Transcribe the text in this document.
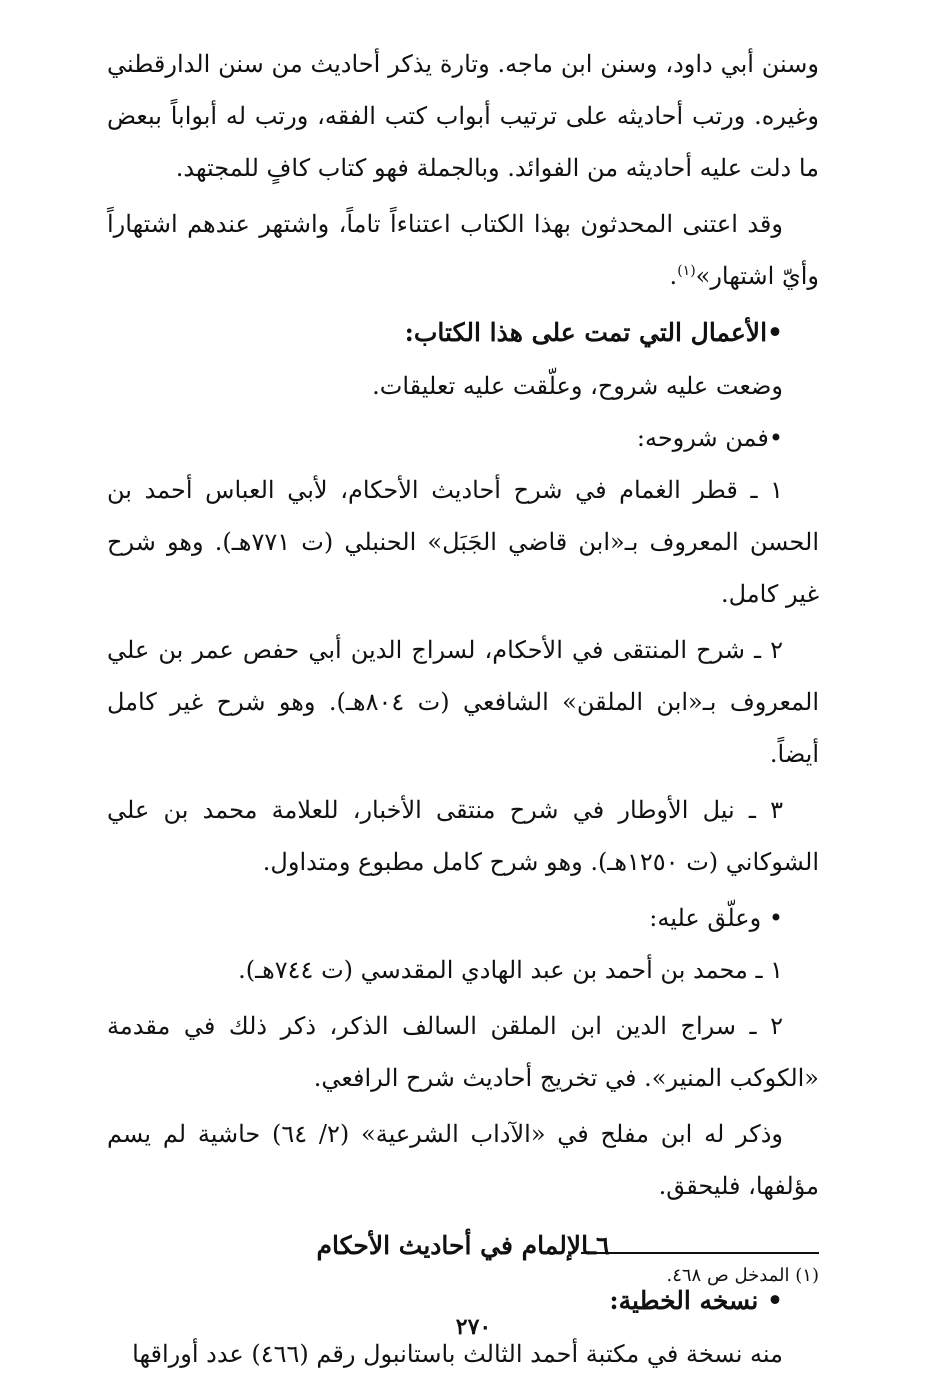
وسنن أبي داود، وسنن ابن ماجه. وتارة يذكر أحاديث من سنن الدارقطني وغيره. ورتب أحاديثه على ترتيب أبواب كتب الفقه، ورتب له أبواباً ببعض ما دلت عليه أحاديثه من الفوائد. وبالجملة فهو كتاب كافٍ للمجتهد.

وقد اعتنى المحدثون بهذا الكتاب اعتناءاً تاماً، واشتهر عندهم اشتهاراً وأيّ اشتهار»$^{(١)}$.

•الأعمال التي تمت على هذا الكتاب:

وضعت عليه شروح، وعلّقت عليه تعليقات.

•فمن شروحه:

١ ـ قطر الغمام في شرح أحاديث الأحكام، لأبي العباس أحمد بن الحسن المعروف بـ«ابن قاضي الجَبَل» الحنبلي (ت ٧٧١هـ). وهو شرح غير كامل.

٢ ـ شرح المنتقى في الأحكام، لسراج الدين أبي حفص عمر بن علي المعروف بـ«ابن الملقن» الشافعي (ت ٨٠٤هـ). وهو شرح غير كامل أيضاً.

٣ ـ نيل الأوطار في شرح منتقى الأخبار، للعلامة محمد بن علي الشوكاني (ت ١٢٥٠هـ). وهو شرح كامل مطبوع ومتداول.

• وعلّق عليه:

١ ـ محمد بن أحمد بن عبد الهادي المقدسي (ت ٧٤٤هـ).

٢ ـ سراج الدين ابن الملقن السالف الذكر، ذكر ذلك في مقدمة «الكوكب المنير». في تخريج أحاديث شرح الرافعي.

وذكر له ابن مفلح في «الآداب الشرعية» (٢/ ٦٤) حاشية لم يسم مؤلفها، فليحقق.

٦ـالإلمام في أحاديث الأحكام

• نسخه الخطية:

منه نسخة في مكتبة أحمد الثالث باستانبول رقم (٤٦٦) عدد أوراقها

(١) المدخل ص ٤٦٨.
٢٧٠
